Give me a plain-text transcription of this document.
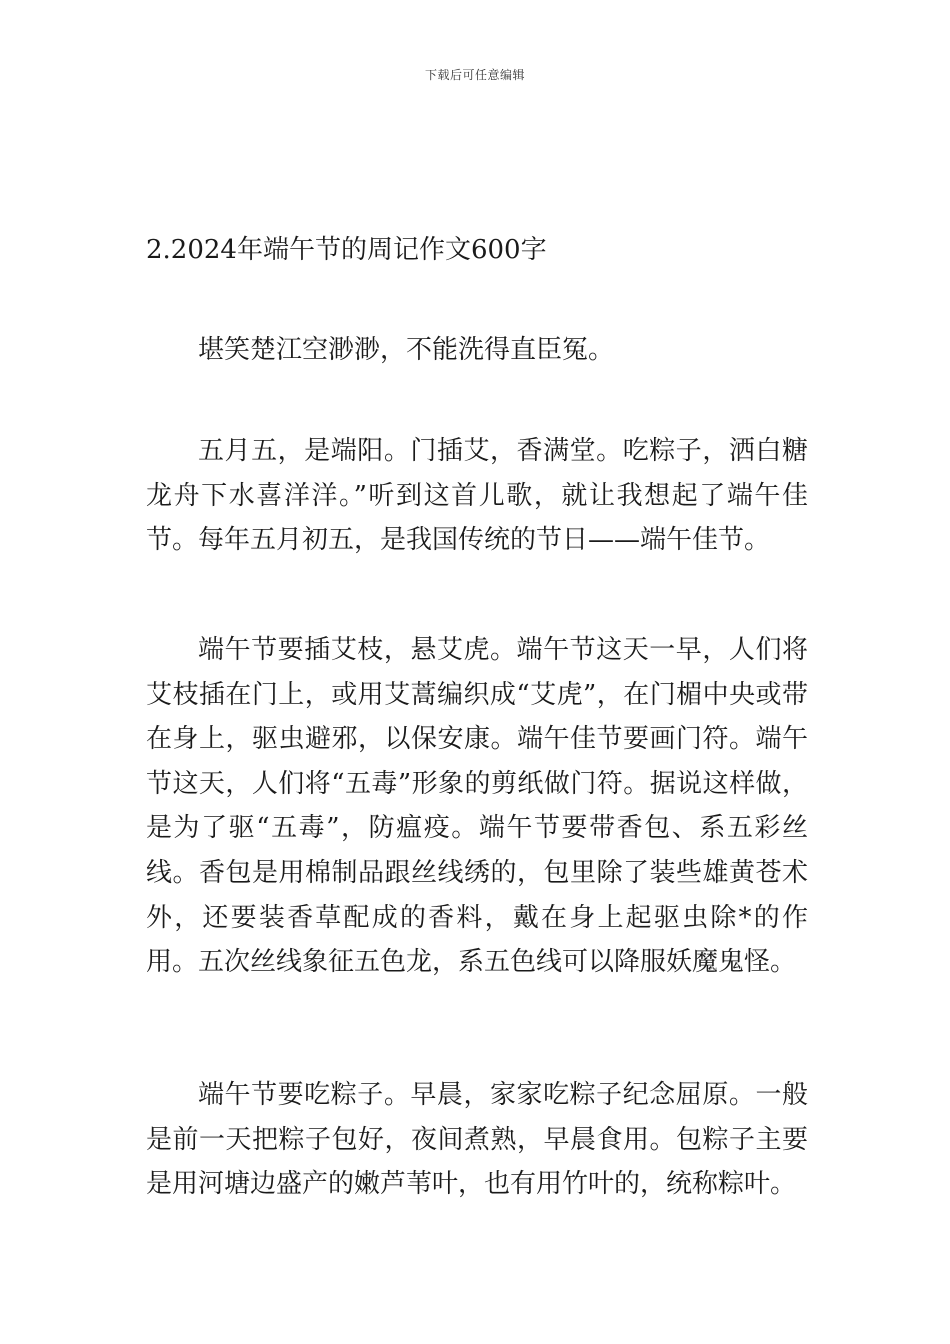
下载后可任意编辑
2.2024年端午节的周记作文600字

堪笑楚江空渺渺，不能洗得直臣冤。

五月五，是端阳。门插艾，香满堂。吃粽子，洒白糖龙舟下水喜洋洋。”听到这首儿歌，就让我想起了端午佳节。每年五月初五，是我国传统的节日——端午佳节。

端午节要插艾枝，悬艾虎。端午节这天一早，人们将艾枝插在门上，或用艾蒿编织成“艾虎”，在门楣中央或带在身上，驱虫避邪，以保安康。端午佳节要画门符。端午节这天，人们将“五毒”形象的剪纸做门符。据说这样做，是为了驱“五毒”，防瘟疫。端午节要带香包、系五彩丝线。香包是用棉制品跟丝线绣的，包里除了装些雄黄苍术外，还要装香草配成的香料，戴在身上起驱虫除*的作用。五次丝线象征五色龙，系五色线可以降服妖魔鬼怪。

端午节要吃粽子。早晨，家家吃粽子纪念屈原。一般是前一天把粽子包好，夜间煮熟，早晨食用。包粽子主要是用河塘边盛产的嫩芦苇叶，也有用竹叶的，统称粽叶。
